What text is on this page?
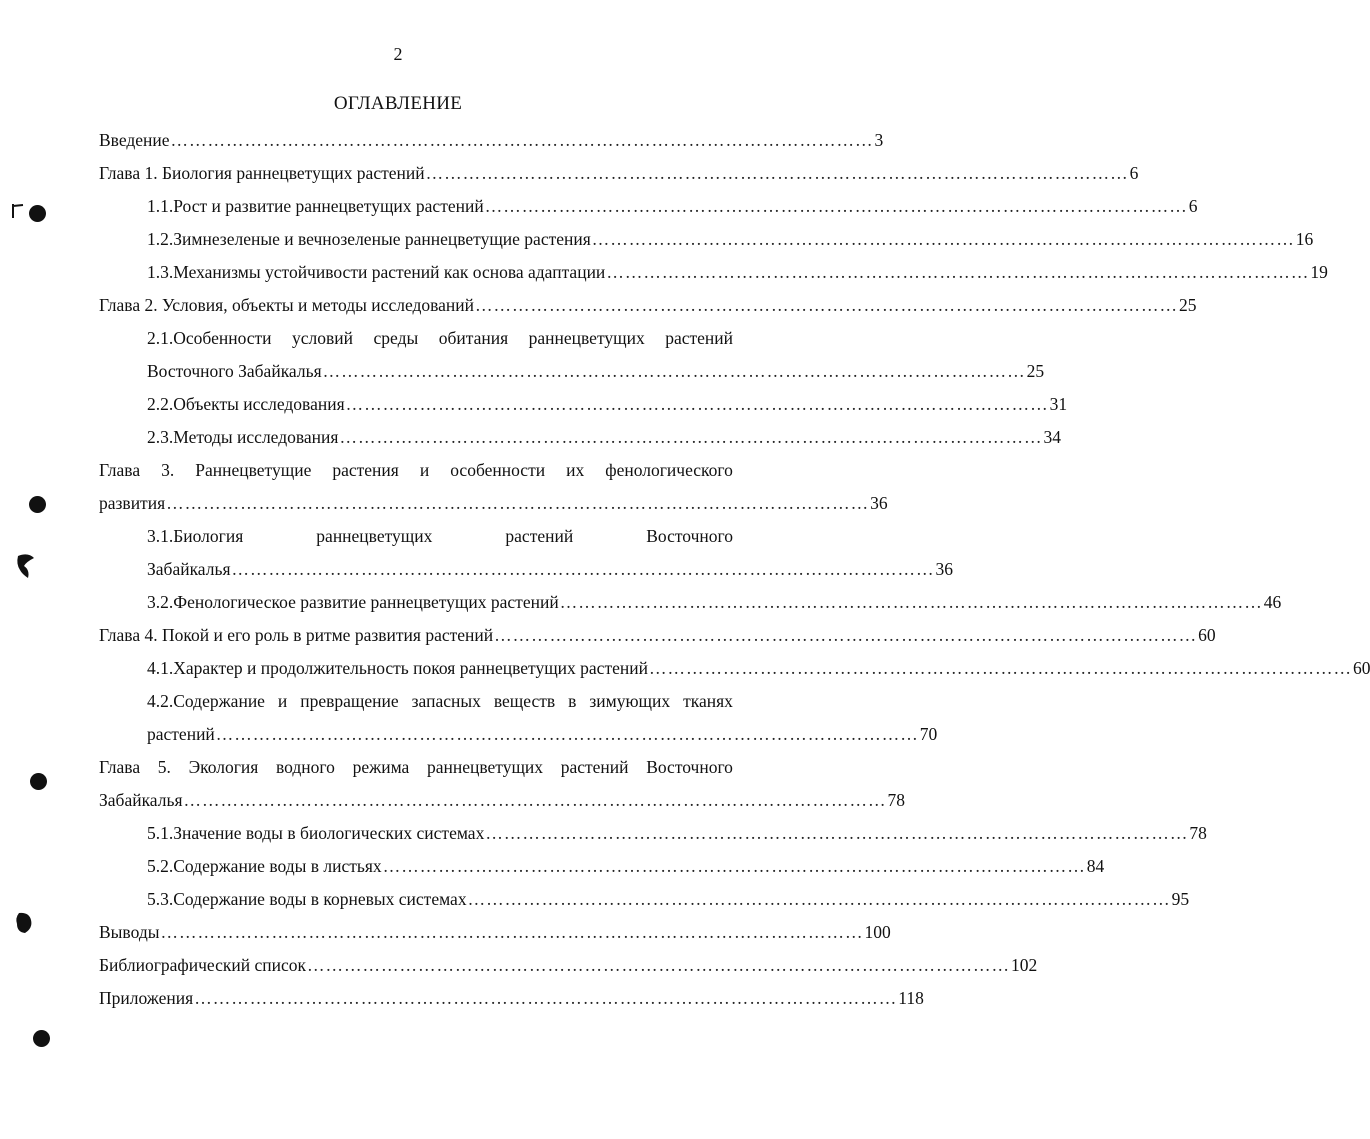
2
ОГЛАВЛЕНИЕ
Введение …………………………………………………………………………………………………… 3
Глава 1. Биология раннецветущих растений …………………………………………………………………………………………………… 6
1.1.Рост и развитие раннецветущих растений …………………………………………………………………………………………………… 6
1.2.Зимнезеленые и вечнозеленые раннецветущие растения …………………………………………………………………………………………………… 16
1.3.Механизмы устойчивости растений как основа адаптации …………………………………………………………………………………………………… 19
Глава 2. Условия, объекты и методы исследований …………………………………………………………………………………………………… 25
2.1.Особенности условий среды обитания раннецветущих растений
Восточного Забайкалья …………………………………………………………………………………………………… 25
2.2.Объекты исследования …………………………………………………………………………………………………… 31
2.3.Методы исследования …………………………………………………………………………………………………… 34
Глава 3. Раннецветущие растения и особенности их фенологического
развития …………………………………………………………………………………………………… 36
3.1.Биология	раннецветущих	растений	Восточного
Забайкалья …………………………………………………………………………………………………… 36
3.2.Фенологическое развитие раннецветущих растений …………………………………………………………………………………………………… 46
Глава 4. Покой и его роль в ритме развития растений …………………………………………………………………………………………………… 60
4.1.Характер и продолжительность покоя раннецветущих растений …………………………………………………………………………………………………… 60
4.2.Содержание и превращение запасных веществ в зимующих тканях
растений …………………………………………………………………………………………………… 70
Глава 5. Экология водного режима раннецветущих растений Восточного
Забайкалья …………………………………………………………………………………………………… 78
5.1.Значение воды в биологических системах …………………………………………………………………………………………………… 78
5.2.Содержание воды в листьях …………………………………………………………………………………………………… 84
5.3.Содержание воды в корневых системах …………………………………………………………………………………………………… 95
Выводы …………………………………………………………………………………………………… 100
Библиографический список …………………………………………………………………………………………………… 102
Приложения …………………………………………………………………………………………………… 118
